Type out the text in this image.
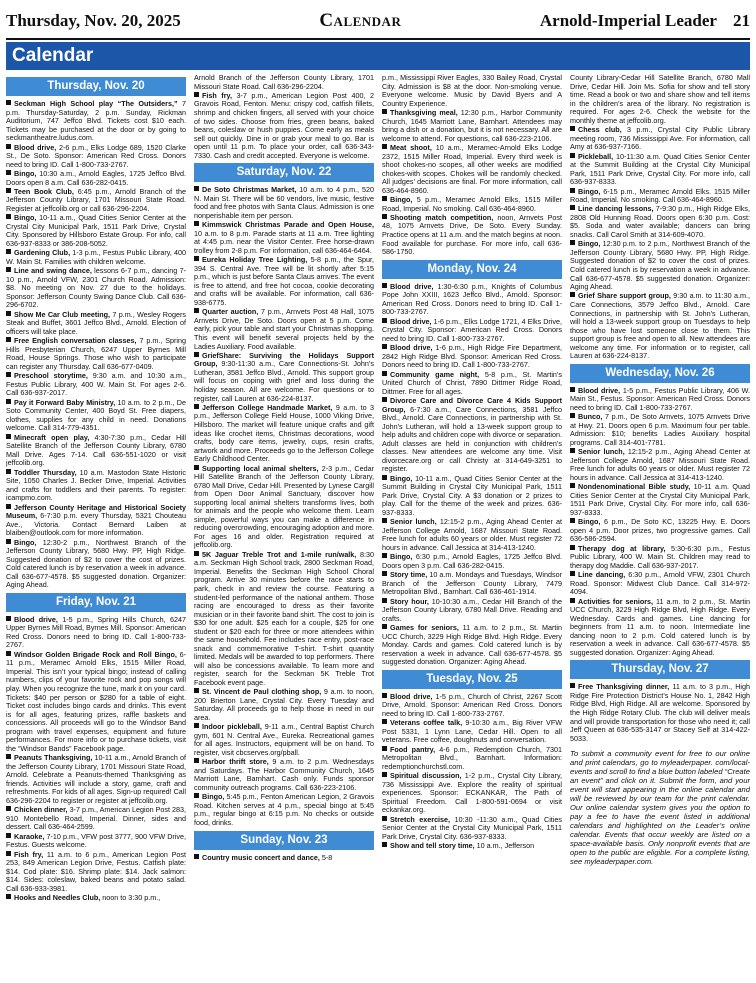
Thursday, Nov. 20, 2025	Calendar	Arnold-Imperial Leader 21
Calendar
Thursday, Nov. 20
Seckman High School play “The Outsiders,” 7 p.m. Thursday-Saturday, 2 p.m. Sunday, Rickman Auditorium, 747 Jeffco Blvd. Tickets cost $10 each. Tickets may be purchased at the door or by going to seckmantheatre.ludus.com.
Blood drive, 2-6 p.m., Elks Lodge 689, 1520 Clarke St., De Soto. Sponsor: American Red Cross. Donors need to bring ID. Call 1-800-733-2767.
Bingo, 10:30 a.m., Arnold Eagles, 1725 Jeffco Blvd. Doors open 8 a.m. Call 636-282-0415.
Teen Book Club, 6:45 p.m., Arnold Branch of the Jefferson County Library, 1701 Missouri State Road. Register at jeffcolib.org or call 636-296-2204.
Bingo, 10-11 a.m., Quad Cities Senior Center at the Crystal City Municipal Park, 1511 Park Drive, Crystal City. Sponsored by Hillsboro Estate Group. For info, call 636-937-8333 or 386-208-5052.
Gardening Club, 1-3 p.m., Festus Public Library, 400 W. Main St. Families with children welcome.
Line and swing dance, lessons 6-7 p.m., dancing 7-10 p.m., Arnold VFW, 2301 Church Road. Admission: $8. No meeting on Nov. 27 due to the holidays. Sponsor: Jefferson County Swing Dance Club. Call 636-296-6702.
Show Me Car Club meeting, 7 p.m., Wesley Rogers Steak and Buffet, 3601 Jeffco Blvd., Arnold. Election of officers will take place.
Free English conversation classes, 7 p.m., Spring Hills Presbyterian Church, 6247 Upper Byrnes Mill Road, House Springs. Those who wish to participate can register any Thursday. Call 636-677-0409.
Preschool storytime, 9:30 a.m. and 10:30 a.m., Festus Public Library, 400 W. Main St. For ages 2-6. Call 636-937-2017.
Pay it Forward Baby Ministry, 10 a.m. to 2 p.m., De Soto Community Center, 400 Boyd St. Free diapers, clothes, supplies for any child in need. Donations welcome. Call 314-779-4351.
Minecraft open play, 4:30-7:30 p.m., Cedar Hill Satellite Branch of the Jefferson County Library, 6780 Mall Drive. Ages 7-14. Call 636-551-1020 or visit jeffcolib.org.
Toddler Thursday, 10 a.m. Mastodon State Historic Site, 1050 Charles J. Becker Drive, Imperial. Activities and crafts for toddlers and their parents. To register: icampmo.com.
Jefferson County Heritage and Historical Society Museum, 6-7:30 p.m. every Thursday, 5321 Chouteau Ave., Victoria. Contact Bernard Laiben at blaiben@outlook.com for more information.
Bingo, 12:30-2 p.m., Northwest Branch of the Jefferson County Library, 5680 Hwy. PP, High Ridge. Suggested donation of $2 to cover the cost of prizes. Cold catered lunch is by reservation a week in advance. Call 636-677-4578. $5 suggested donation. Organizer: Aging Ahead.
Friday, Nov. 21
Blood drive, 1-5 p.m., Spring Hills Church, 6247 Upper Byrnes Mill Road, Byrnes Mill. Sponsor: American Red Cross. Donors need to bring ID. Call 1-800-733-2767.
Windsor Golden Brigade Rock and Roll Bingo, 6-11 p.m., Meramec Arnold Elks, 1515 Miller Road, Imperial. This isn’t your typical bingo; instead of calling numbers, clips of your favorite rock and pop songs will play. When you recognize the tune, mark it on your card. Tickets: $40 per person or $280 for a table of eight. Ticket cost includes bingo cards and drinks. This event is for all ages, featuring prizes, raffle baskets and concessions. All proceeds will go to the Windsor Band program with travel expenses, equipment and future performances. For more info or to purchase tickets, visit the “Windsor Bands” Facebook page.
Peanuts Thanksgiving, 10-11 a.m., Arnold Branch of the Jefferson County Library, 1701 Missouri State Road, Arnold. Celebrate a Peanuts-themed Thanksgiving as friends. Activities will include a story, game, craft and refreshments. For kids of all ages. Sign-up required! Call 636-296-2204 to register or register at jeffcolib.org.
Chicken dinner, 3-7 p.m., American Legion Post 283, 910 Montebello Road, Imperial. Dinner, sides and dessert. Call 636-464-2599.
Karaoke, 7-10 p.m., VFW post 3777, 900 VFW Drive, Festus. Guests welcome.
Fish fry, 11 a.m. to 6 p.m., American Legion Post 253, 849 American Legion Drive, Festus. Catfish plate: $14. Cod plate: $16. Shrimp plate: $14. Jack salmon: $14. Sides: coleslaw, baked beans and potato salad. Call 636-933-3981.
Hooks and Needles Club, noon to 3:30 p.m.,
Arnold Branch of the Jefferson County Library, 1701 Missouri State Road. Call 636-296-2204.
Fish fry, 3-7 p.m., American Legion Post 400, 2 Gravois Road, Fenton. Menu: crispy cod, catfish fillets, shrimp and chicken fingers, all served with your choice of two sides. Choose from fries, green beans, baked beans, coleslaw or hush puppies. Come early as meals sell out quickly. Dine in or grab your meal to go. Bar is open until 11 p.m. To place your order, call 636-343-7330. Cash and credit accepted. Everyone is welcome.
Saturday, Nov. 22
De Soto Christmas Market, 10 a.m. to 4 p.m., 520 N. Main St. There will be 60 vendors, live music, festive food and free photos with Santa Claus. Admission is one nonperishable item per person.
Kimmswick Christmas Parade and Open House, 10 a.m. to 8 p.m. Parade starts at 11 a.m. Tree lighting at 4:45 p.m. near the Visitor Center. Free horse-drawn trolley from 2-8 p.m. For information, call 636-464-6464.
Eureka Holiday Tree Lighting, 5-8 p.m., the Spur, 394 S. Central Ave. Tree will be lit shortly after 5:15 p.m., which is just before Santa Claus arrives. The event is free to attend, and free hot cocoa, cookie decorating and crafts will be available. For information, call 636-938-6775.
Quarter auction, 7 p.m., Arnvets Post 48 Hall, 1075 Arnvets Drive, De Soto. Doors open at 5 p.m. Come early, pick your table and start your Christmas shopping. This event will benefit several projects held by the Ladies Auxiliary. Food available.
GriefShare: Surviving the Holidays Support Group, 9:30-11:30 a.m., Care Connections-St. John’s Lutheran, 3581 Jeffco Blvd., Arnold. This support group will focus on coping with grief and loss during the holiday season. All are welcome. For questions or to register, call Lauren at 636-224-8137.
Jefferson College Handmade Market, 9 a.m. to 3 p.m., Jefferson College Field House, 1000 Viking Drive, Hillsboro. The market will feature unique crafts and gift ideas like crochet items, Christmas decorations, wood crafts, body care items, jewelry, cups, resin crafts, artwork and more. Proceeds go to the Jefferson College Early Childhood Center.
Supporting local animal shelters, 2-3 p.m., Cedar Hill Satellite Branch of the Jefferson County Library, 6780 Mall Drive, Cedar Hill. Presented by Lynese Cargill from Open Door Animal Sanctuary, discover how supporting local animal shelters transforms lives, both for animals and the people who welcome them. Learn simple, powerful ways you can make a difference in reducing overcrowding, encouraging adoption and more. For ages 16 and older. Registration required at jeffcolib.org.
5K Jaguar Treble Trot and 1-mile run/walk, 8:30 a.m. Seckman High School track, 2800 Seckman Road, Imperial. Benefits the Seckman High School Choral program. Arrive 30 minutes before the race starts to park, check in and review the course. Featuring a student-led performance of the national anthem. Those racing are encouraged to dress as their favorite musician or in their favorite band shirt. The cost to join is $30 for one adult. $25 each for a couple, $25 for one student or $20 each for three or more attendees within the same household. Fee includes race entry, post-race snack and commemorative T-shirt. T-shirt quantity limited. Medals will be awarded to top performers. There will also be concessions available. To learn more and register, search for the Seckman 5K Treble Trot Facebook event page.
St. Vincent de Paul clothing shop, 9 a.m. to noon, 200 Brierton Lane, Crystal City. Every Tuesday and Saturday. All proceeds go to help those in need in our area.
Indoor pickleball, 9-11 a.m., Central Baptist Church gym, 601 N. Central Ave., Eureka. Recreational games for all ages. Instructors, equipment will be on hand. To register, visit cbcserves.org/pball.
Harbor thrift store, 9 a.m. to 2 p.m. Wednesdays and Saturdays. The Harbor Community Church, 1645 Marriott Lane, Barnhart. Cash only. Funds sponsor community outreach programs. Call 636-223-2106.
Bingo, 5:45 p.m., Fenton American Legion, 2 Gravois Road. Kitchen serves at 4 p.m., special bingo at 5:45 p.m., regular bingo at 6:15 p.m. No checks or outside food, drinks.
Sunday, Nov. 23
Country music concert and dance, 5-8
p.m., Mississippi River Eagles, 330 Bailey Road, Crystal City. Admission is $8 at the door. Non-smoking venue. Everyone welcome. Music by David Byers and A Country Experience.
Thanksgiving meal, 12:30 p.m., Harbor Community Church, 1645 Marriott Lane, Barnhart. Attendees may bring a dish or a donation, but it is not necessary. All are welcome to attend. For questions, call 636-223-2106.
Meat shoot, 10 a.m., Meramec-Arnold Elks Lodge 2372, 1515 Miller Road, Imperial. Every third week is shoot chokes-no scopes, all other weeks are modified chokes-with scopes. Chokes will be randomly checked. All judges’ decisions are final. For more information, call 636-464-8960.
Bingo, 5 p.m., Meramec Arnold Elks, 1515 Miller Road, Imperial. No smoking. Call 636-464-8960.
Shooting match competition, noon, Arnvets Post 48, 1075 Arnvets Drive, De Soto. Every Sunday. Practice opens at 11 a.m. and the match begins at noon. Food available for purchase. For more info, call 636-586-1750.
Monday, Nov. 24
Blood drive, 1:30-6:30 p.m., Knights of Columbus Pope John XXIII, 1623 Jeffco Blvd., Arnold. Sponsor: American Red Cross. Donors need to bring ID. Call 1-800-733-2767.
Blood drive, 1-6 p.m., Elks Lodge 1721, 4 Elks Drive, Crystal City. Sponsor: American Red Cross. Donors need to bring ID. Call 1-800-733-2767.
Blood drive, 1-6 p.m., High Ridge Fire Department, 2842 High Ridge Blvd. Sponsor: American Red Cross. Donors need to bring ID. Call 1-800-733-2767.
Community game night, 5-8 p.m., St. Martin’s United Church of Christ, 7890 Dittmer Ridge Road, Dittmer. Free for all ages.
Divorce Care and Divorce Care 4 Kids Support Group, 6-7:30 a.m., Care Connections, 3581 Jeffco Blvd., Arnold. Care Connections, in partnership with St. John’s Lutheran, will hold a 13-week support group to help adults and children cope with divorce or separation. Adult classes are held in conjunction with children’s classes. New attendees are welcome any time. Visit divorcecare.org or call Christy at 314-649-3251 to register.
Bingo, 10-11 a.m., Quad Cities Senior Center at the Summit Building in Crystal City Municipal Park, 1511 Park Drive, Crystal City. A $3 donation or 2 prizes to play. Call for the theme of the week and prizes. 636-937-8333.
Senior lunch, 12:15-2 p.m., Aging Ahead Center at Jefferson College Arnold, 1687 Missouri State Road. Free lunch for adults 60 years or older. Must register 72 hours in advance. Call Jessica at 314-413-1240.
Bingo, 6:30 p.m., Arnold Eagles, 1725 Jeffco Blvd. Doors open 3 p.m. Call 636-282-0415.
Story time, 10 a.m. Mondays and Tuesdays, Windsor Branch of the Jefferson County Library, 7479 Metropolitan Blvd., Barnhart. Call 636-461-1914.
Story hour, 10-10:30 a.m., Cedar Hill Branch of the Jefferson County Library, 6780 Mall Drive. Reading and crafts.
Games for seniors, 11 a.m. to 2 p.m., St. Martin UCC Church, 3229 High Ridge Blvd. High Ridge. Every Monday. Cards and games. Cold catered lunch is by reservation a week in advance. Call 636-677-4578. $5 suggested donation. Organizer: Aging Ahead.
Tuesday, Nov. 25
Blood drive, 1-5 p.m., Church of Christ, 2267 Scott Drive, Arnold. Sponsor: American Red Cross. Donors need to bring ID. Call 1-800-733-2767.
Veterans coffee talk, 9-10:30 a.m., Big River VFW Post 5331, 1 Lynn Lane, Cedar Hill. Open to all veterans. Free coffee, doughnuts and conversation.
Food pantry, 4-6 p.m., Redemption Church, 7301 Metropolitan Blvd., Barnhart. Information: redemptionchurchstl.com.
Spiritual discussion, 1-2 p.m., Crystal City Library, 736 Mississippi Ave. Explore the reality of spiritual experiences. Sponsor: ECKANKAR, The Path of Spiritual Freedom. Call 1-800-591-0694 or visit eckankar.org.
Stretch exercise, 10:30 -11:30 a.m., Quad Cities Senior Center at the Crystal City Municipal Park, 1511 Park Drive, Crystal City. 636-937-8333.
Show and tell story time, 10 a.m., Jefferson
County Library-Cedar Hill Satellite Branch, 6780 Mall Drive, Cedar Hill. Join Ms. Sofia for show and tell story time. Read a book or two and share show and tell items in the children’s area of the library. No registration is required. For ages 2-6. Check the website for the monthly theme at jeffcolib.org.
Chess club, 3 p.m., Crystal City Public Library meeting room, 736 Mississippi Ave. For information, call Amy at 636-937-7166.
Pickleball, 10-11:30 a.m. Quad Cities Senior Center at the Summit Building at the Crystal City Municipal Park, 1511 Park Drive, Crystal City. For more info, call 636-937-8333.
Bingo, 6-15 p.m., Meramec Arnold Elks. 1515 Miller Road, Imperial. No smoking. Call 636-464-8960.
Line dancing lessons, 7-9:30 p.m., High Ridge Elks, 2808 Old Hunning Road. Doors open 6:30 p.m. Cost: $5. Soda and water available; dancers can bring snacks. Call Carol Smith at 314-609-4070.
Bingo, 12:30 p.m. to 2 p.m., Northwest Branch of the Jefferson County Library, 5680 Hwy. PP, High Ridge. Suggested donation of $2 to cover the cost of prizes. Cold catered lunch is by reservation a week in advance. Call 636-677-4578. $5 suggested donation. Organizer: Aging Ahead.
Grief Share support group, 9:30 a.m. to 11:30 a.m., Care Connections, 3579 Jeffco Blvd., Arnold. Care Connections, in partnership with St. John’s Lutheran, will hold a 13-week support group on Tuesdays to help those who have lost someone close to them. This support group is free and open to all. New attendees are welcome any time. For information or to register, call Lauren at 636-224-8137.
Wednesday, Nov. 26
Blood drive, 1-5 p.m., Festus Public Library, 406 W. Main St., Festus. Sponsor: American Red Cross. Donors need to bring ID. Call 1-800-733-2767.
Bunco, 7 p.m., De Soto Arnvets, 1075 Arnvets Drive at Hwy. 21. Doors open 6 p.m. Maximum four per table. Admission: $10; benefits Ladies Auxiliary hospital programs. Call 314-401-7781.
Senior lunch, 12:15-2 p.m., Aging Ahead Center at Jefferson College Arnold, 1687 Missouri State Road. Free lunch for adults 60 years or older. Must register 72 hours in advance. Call Jessica at 314-413-1240.
Nondenominational Bible study, 10-11 a.m. Quad Cities Senior Center at the Crystal City Municipal Park, 1511 Park Drive, Crystal City. For more info, call 636-937-8333.
Bingo, 6 p.m., De Soto KC, 13225 Hwy. E. Doors open 4 p.m. Door prizes, two progressive games. Call 636-586-2594.
Therapy dog at library, 5:30-6:30 p.m., Festus Public Library, 400 W. Main St. Children may read to therapy dog Maddie. Call 636-937-2017.
Line dancing, 6:30 p.m., Arnold VFW, 2301 Church Road. Sponsor: Midwest Club Dance. Call 314-972-4094.
Activities for seniors, 11 a.m. to 2 p.m., St. Martin UCC Church, 3229 High Ridge Blvd, High Ridge. Every Wednesday. Cards and games. Line dancing for beginners from 11 a.m. to noon. Intermediate line dancing noon to 2 p.m. Cold catered lunch is by reservation a week in advance. Call 636-677-4578. $5 suggested donation. Organizer: Aging Ahead.
Thursday, Nov. 27
Free Thanksgiving dinner, 11 a.m. to 3 p.m., High Ridge Fire Protection District’s House No. 1, 2842 High Ridge Blvd, High Ridge. All are welcome. Sponsored by the High Ridge Rotary Club. The club will deliver meals and will provide transportation for those who need it; call Jeff Queen at 636-535-3147 or Stacey Self at 314-422-5033.
To submit a community event for free to our online and print calendars, go to myleaderpaper. com/local-events and scroll to find a blue button labeled “Create an event” and click on it. Submit the form, and your event will start appearing in the online calendar and will be reviewed by our team for the print calendar. Our online calendar system gives you the option to pay a fee to have the event listed in additional calendars and highlighted on the Leader’s online calendar. Events that occur weekly are listed on a space-available basis. Only nonprofit events that are open to the public are eligible. For a complete listing, see myleaderpaper.com.
